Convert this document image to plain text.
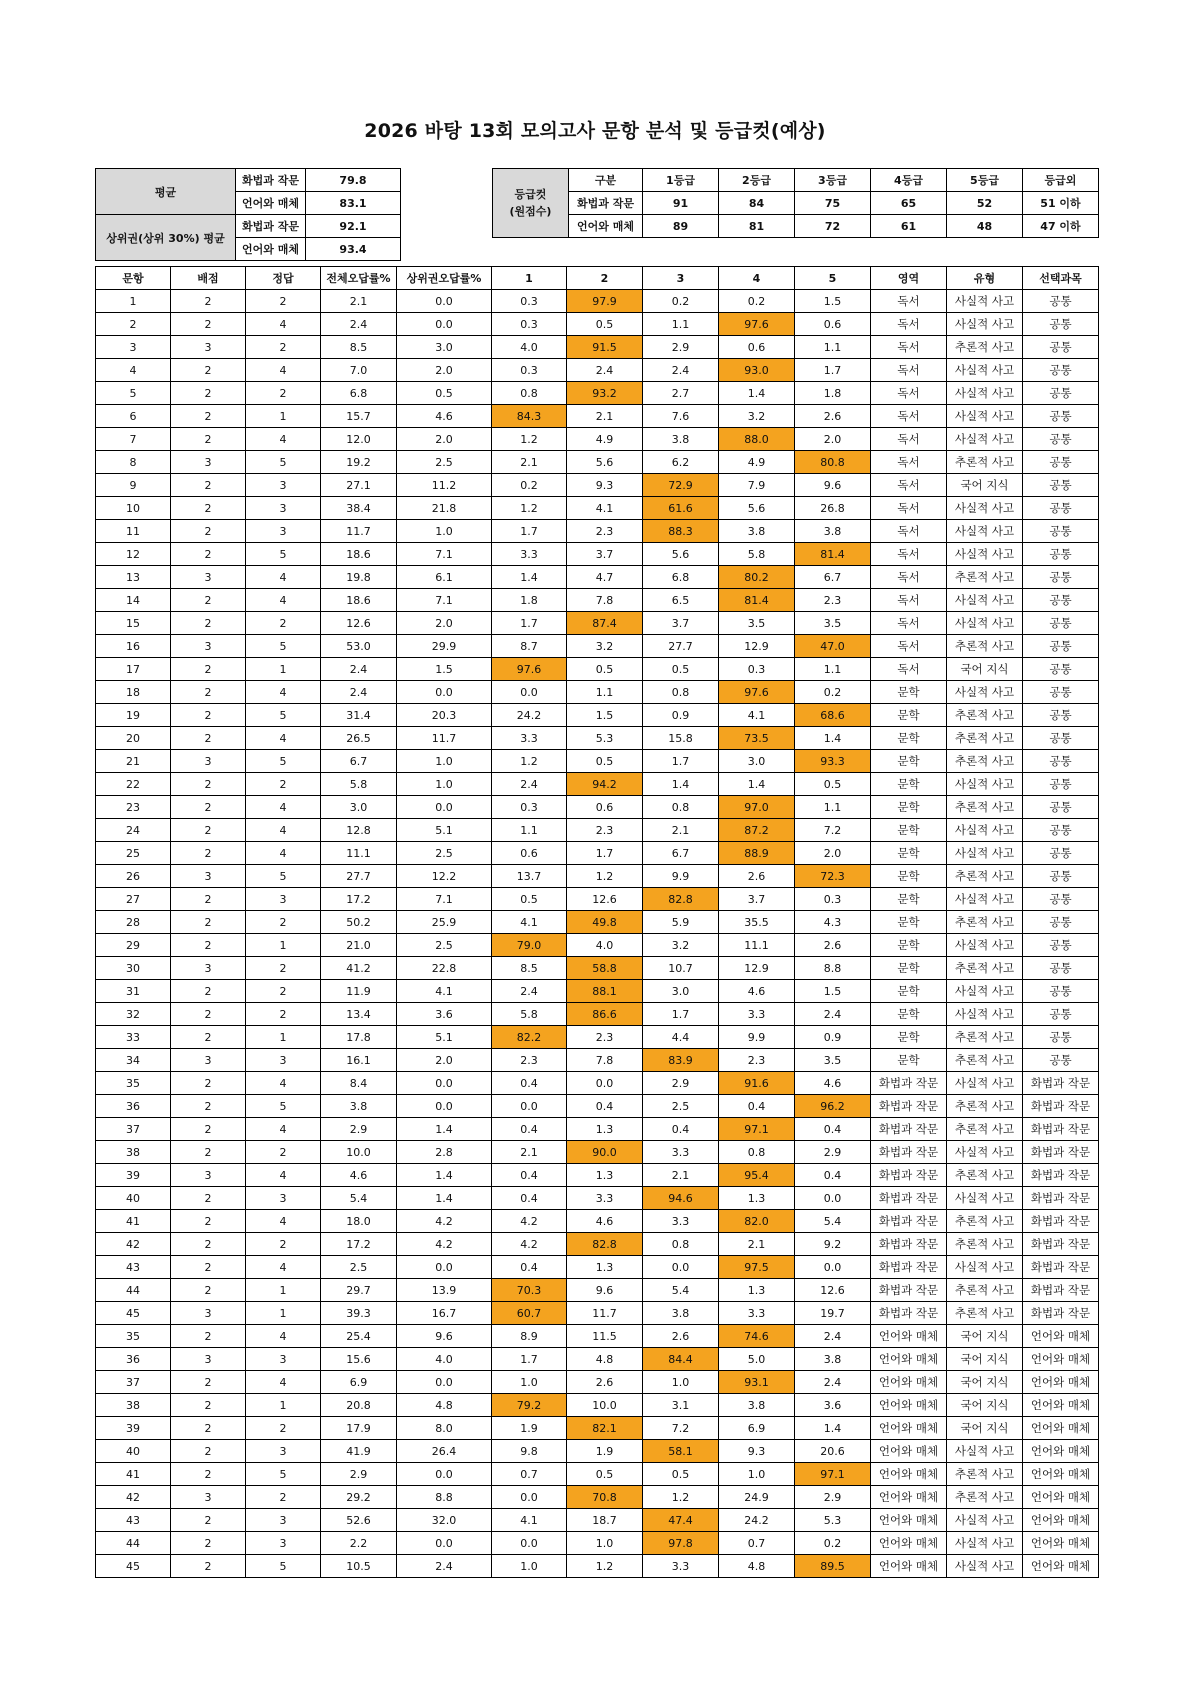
2026 바탕 13회 모의고사 문항 분석 및 등급컷(예상)
평균	화법과 작문	79.8
	언어와 매체	83.1
상위권(상위 30%) 평균	화법과 작문	92.1
	언어와 매체	93.4
등급컷
(원점수)	구분	1등급	2등급	3등급	4등급	5등급	등급외

	화법과 작문	91	84	75	65	52	51 이하
	언어와 매체	89	81	72	61	48	47 이하
문항	배점	정답	전체오답률%	상위권오답률%	1	2	3	4	5	영역	유형	선택과목
1	2	2	2.1	0.0	0.3	97.9	0.2	0.2	1.5	독서	사실적 사고	공통
2	2	4	2.4	0.0	0.3	0.5	1.1	97.6	0.6	독서	사실적 사고	공통
3	3	2	8.5	3.0	4.0	91.5	2.9	0.6	1.1	독서	추론적 사고	공통
4	2	4	7.0	2.0	0.3	2.4	2.4	93.0	1.7	독서	사실적 사고	공통
5	2	2	6.8	0.5	0.8	93.2	2.7	1.4	1.8	독서	사실적 사고	공통
6	2	1	15.7	4.6	84.3	2.1	7.6	3.2	2.6	독서	사실적 사고	공통
7	2	4	12.0	2.0	1.2	4.9	3.8	88.0	2.0	독서	사실적 사고	공통
8	3	5	19.2	2.5	2.1	5.6	6.2	4.9	80.8	독서	추론적 사고	공통
9	2	3	27.1	11.2	0.2	9.3	72.9	7.9	9.6	독서	국어 지식	공통
10	2	3	38.4	21.8	1.2	4.1	61.6	5.6	26.8	독서	사실적 사고	공통
11	2	3	11.7	1.0	1.7	2.3	88.3	3.8	3.8	독서	사실적 사고	공통
12	2	5	18.6	7.1	3.3	3.7	5.6	5.8	81.4	독서	사실적 사고	공통
13	3	4	19.8	6.1	1.4	4.7	6.8	80.2	6.7	독서	추론적 사고	공통
14	2	4	18.6	7.1	1.8	7.8	6.5	81.4	2.3	독서	사실적 사고	공통
15	2	2	12.6	2.0	1.7	87.4	3.7	3.5	3.5	독서	사실적 사고	공통
16	3	5	53.0	29.9	8.7	3.2	27.7	12.9	47.0	독서	추론적 사고	공통
17	2	1	2.4	1.5	97.6	0.5	0.5	0.3	1.1	독서	국어 지식	공통
18	2	4	2.4	0.0	0.0	1.1	0.8	97.6	0.2	문학	사실적 사고	공통
19	2	5	31.4	20.3	24.2	1.5	0.9	4.1	68.6	문학	추론적 사고	공통
20	2	4	26.5	11.7	3.3	5.3	15.8	73.5	1.4	문학	추론적 사고	공통
21	3	5	6.7	1.0	1.2	0.5	1.7	3.0	93.3	문학	추론적 사고	공통
22	2	2	5.8	1.0	2.4	94.2	1.4	1.4	0.5	문학	사실적 사고	공통
23	2	4	3.0	0.0	0.3	0.6	0.8	97.0	1.1	문학	추론적 사고	공통
24	2	4	12.8	5.1	1.1	2.3	2.1	87.2	7.2	문학	사실적 사고	공통
25	2	4	11.1	2.5	0.6	1.7	6.7	88.9	2.0	문학	사실적 사고	공통
26	3	5	27.7	12.2	13.7	1.2	9.9	2.6	72.3	문학	추론적 사고	공통
27	2	3	17.2	7.1	0.5	12.6	82.8	3.7	0.3	문학	사실적 사고	공통
28	2	2	50.2	25.9	4.1	49.8	5.9	35.5	4.3	문학	추론적 사고	공통
29	2	1	21.0	2.5	79.0	4.0	3.2	11.1	2.6	문학	사실적 사고	공통
30	3	2	41.2	22.8	8.5	58.8	10.7	12.9	8.8	문학	추론적 사고	공통
31	2	2	11.9	4.1	2.4	88.1	3.0	4.6	1.5	문학	사실적 사고	공통
32	2	2	13.4	3.6	5.8	86.6	1.7	3.3	2.4	문학	사실적 사고	공통
33	2	1	17.8	5.1	82.2	2.3	4.4	9.9	0.9	문학	추론적 사고	공통
34	3	3	16.1	2.0	2.3	7.8	83.9	2.3	3.5	문학	추론적 사고	공통
35	2	4	8.4	0.0	0.4	0.0	2.9	91.6	4.6	화법과 작문	사실적 사고	화법과 작문
36	2	5	3.8	0.0	0.0	0.4	2.5	0.4	96.2	화법과 작문	추론적 사고	화법과 작문
37	2	4	2.9	1.4	0.4	1.3	0.4	97.1	0.4	화법과 작문	추론적 사고	화법과 작문
38	2	2	10.0	2.8	2.1	90.0	3.3	0.8	2.9	화법과 작문	사실적 사고	화법과 작문
39	3	4	4.6	1.4	0.4	1.3	2.1	95.4	0.4	화법과 작문	추론적 사고	화법과 작문
40	2	3	5.4	1.4	0.4	3.3	94.6	1.3	0.0	화법과 작문	사실적 사고	화법과 작문
41	2	4	18.0	4.2	4.2	4.6	3.3	82.0	5.4	화법과 작문	추론적 사고	화법과 작문
42	2	2	17.2	4.2	4.2	82.8	0.8	2.1	9.2	화법과 작문	추론적 사고	화법과 작문
43	2	4	2.5	0.0	0.4	1.3	0.0	97.5	0.0	화법과 작문	사실적 사고	화법과 작문
44	2	1	29.7	13.9	70.3	9.6	5.4	1.3	12.6	화법과 작문	추론적 사고	화법과 작문
45	3	1	39.3	16.7	60.7	11.7	3.8	3.3	19.7	화법과 작문	추론적 사고	화법과 작문
35	2	4	25.4	9.6	8.9	11.5	2.6	74.6	2.4	언어와 매체	국어 지식	언어와 매체
36	3	3	15.6	4.0	1.7	4.8	84.4	5.0	3.8	언어와 매체	국어 지식	언어와 매체
37	2	4	6.9	0.0	1.0	2.6	1.0	93.1	2.4	언어와 매체	국어 지식	언어와 매체
38	2	1	20.8	4.8	79.2	10.0	3.1	3.8	3.6	언어와 매체	국어 지식	언어와 매체
39	2	2	17.9	8.0	1.9	82.1	7.2	6.9	1.4	언어와 매체	국어 지식	언어와 매체
40	2	3	41.9	26.4	9.8	1.9	58.1	9.3	20.6	언어와 매체	사실적 사고	언어와 매체
41	2	5	2.9	0.0	0.7	0.5	0.5	1.0	97.1	언어와 매체	추론적 사고	언어와 매체
42	3	2	29.2	8.8	0.0	70.8	1.2	24.9	2.9	언어와 매체	추론적 사고	언어와 매체
43	2	3	52.6	32.0	4.1	18.7	47.4	24.2	5.3	언어와 매체	사실적 사고	언어와 매체
44	2	3	2.2	0.0	0.0	1.0	97.8	0.7	0.2	언어와 매체	사실적 사고	언어와 매체
45	2	5	10.5	2.4	1.0	1.2	3.3	4.8	89.5	언어와 매체	사실적 사고	언어와 매체
